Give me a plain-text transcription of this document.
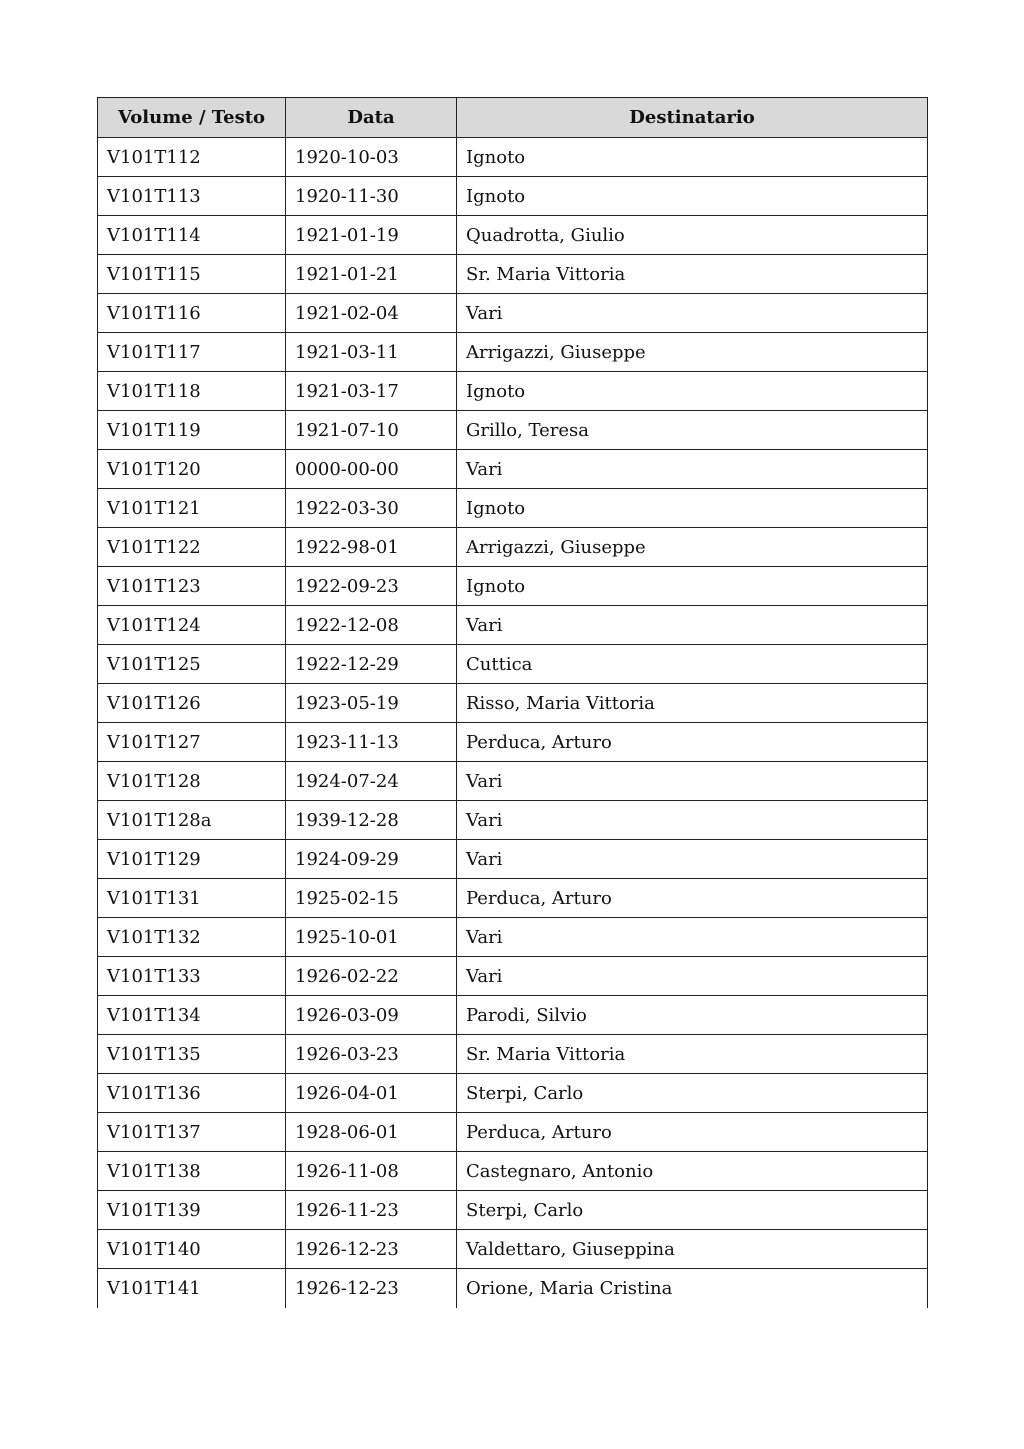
Volume / Testo	Data	Destinatario
V101T112	1920-10-03	Ignoto
V101T113	1920-11-30	Ignoto
V101T114	1921-01-19	Quadrotta, Giulio
V101T115	1921-01-21	Sr. Maria Vittoria
V101T116	1921-02-04	Vari
V101T117	1921-03-11	Arrigazzi, Giuseppe
V101T118	1921-03-17	Ignoto
V101T119	1921-07-10	Grillo, Teresa
V101T120	0000-00-00	Vari
V101T121	1922-03-30	Ignoto
V101T122	1922-98-01	Arrigazzi, Giuseppe
V101T123	1922-09-23	Ignoto
V101T124	1922-12-08	Vari
V101T125	1922-12-29	Cuttica
V101T126	1923-05-19	Risso, Maria Vittoria
V101T127	1923-11-13	Perduca, Arturo
V101T128	1924-07-24	Vari
V101T128a	1939-12-28	Vari
V101T129	1924-09-29	Vari
V101T131	1925-02-15	Perduca, Arturo
V101T132	1925-10-01	Vari
V101T133	1926-02-22	Vari
V101T134	1926-03-09	Parodi, Silvio
V101T135	1926-03-23	Sr. Maria Vittoria
V101T136	1926-04-01	Sterpi, Carlo
V101T137	1928-06-01	Perduca, Arturo
V101T138	1926-11-08	Castegnaro, Antonio
V101T139	1926-11-23	Sterpi, Carlo
V101T140	1926-12-23	Valdettaro, Giuseppina
V101T141	1926-12-23	Orione, Maria Cristina
